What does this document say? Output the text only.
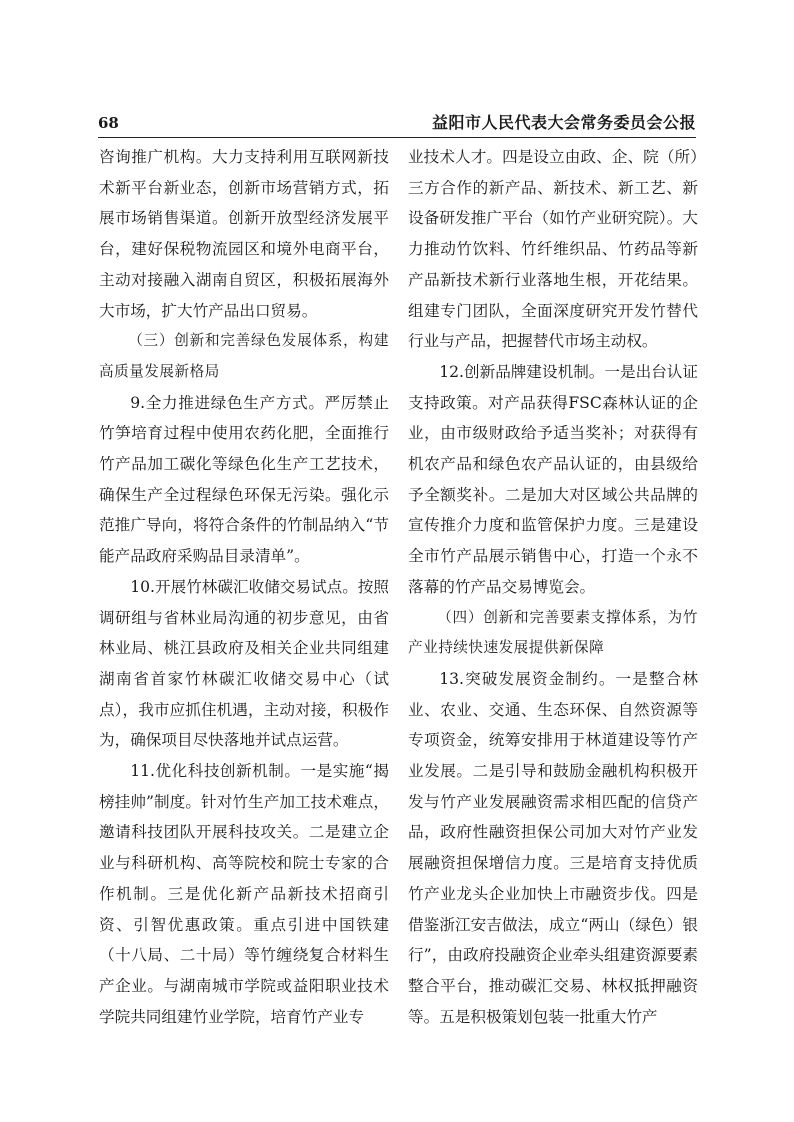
68	益阳市人民代表大会常务委员会公报

咨询推广机构。大力支持利用互联网新技术新平台新业态，创新市场营销方式，拓展市场销售渠道。创新开放型经济发展平台，建好保税物流园区和境外电商平台，主动对接融入湖南自贸区，积极拓展海外大市场，扩大竹产品出口贸易。

（三）创新和完善绿色发展体系，构建高质量发展新格局

9.全力推进绿色生产方式。严厉禁止竹笋培育过程中使用农药化肥，全面推行竹产品加工碳化等绿色化生产工艺技术，确保生产全过程绿色环保无污染。强化示范推广导向，将符合条件的竹制品纳入“节能产品政府采购品目录清单”。

10.开展竹林碳汇收储交易试点。按照调研组与省林业局沟通的初步意见，由省林业局、桃江县政府及相关企业共同组建湖南省首家竹林碳汇收储交易中心（试点），我市应抓住机遇，主动对接，积极作为，确保项目尽快落地并试点运营。

11.优化科技创新机制。一是实施“揭榜挂帅”制度。针对竹生产加工技术难点，邀请科技团队开展科技攻关。二是建立企业与科研机构、高等院校和院士专家的合作机制。三是优化新产品新技术招商引资、引智优惠政策。重点引进中国铁建（十八局、二十局）等竹缠绕复合材料生产企业。与湖南城市学院或益阳职业技术学院共同组建竹业学院，培育竹产业专

业技术人才。四是设立由政、企、院（所）三方合作的新产品、新技术、新工艺、新设备研发推广平台（如竹产业研究院）。大力推动竹饮料、竹纤维织品、竹药品等新产品新技术新行业落地生根，开花结果。组建专门团队，全面深度研究开发竹替代行业与产品，把握替代市场主动权。

12.创新品牌建设机制。一是出台认证支持政策。对产品获得FSC森林认证的企业，由市级财政给予适当奖补；对获得有机农产品和绿色农产品认证的，由县级给予全额奖补。二是加大对区域公共品牌的宣传推介力度和监管保护力度。三是建设全市竹产品展示销售中心，打造一个永不落幕的竹产品交易博览会。

（四）创新和完善要素支撑体系，为竹产业持续快速发展提供新保障

13.突破发展资金制约。一是整合林业、农业、交通、生态环保、自然资源等专项资金，统筹安排用于林道建设等竹产业发展。二是引导和鼓励金融机构积极开发与竹产业发展融资需求相匹配的信贷产品，政府性融资担保公司加大对竹产业发展融资担保增信力度。三是培育支持优质竹产业龙头企业加快上市融资步伐。四是借鉴浙江安吉做法，成立“两山（绿色）银行”，由政府投融资企业牵头组建资源要素整合平台，推动碳汇交易、林权抵押融资等。五是积极策划包装一批重大竹产
